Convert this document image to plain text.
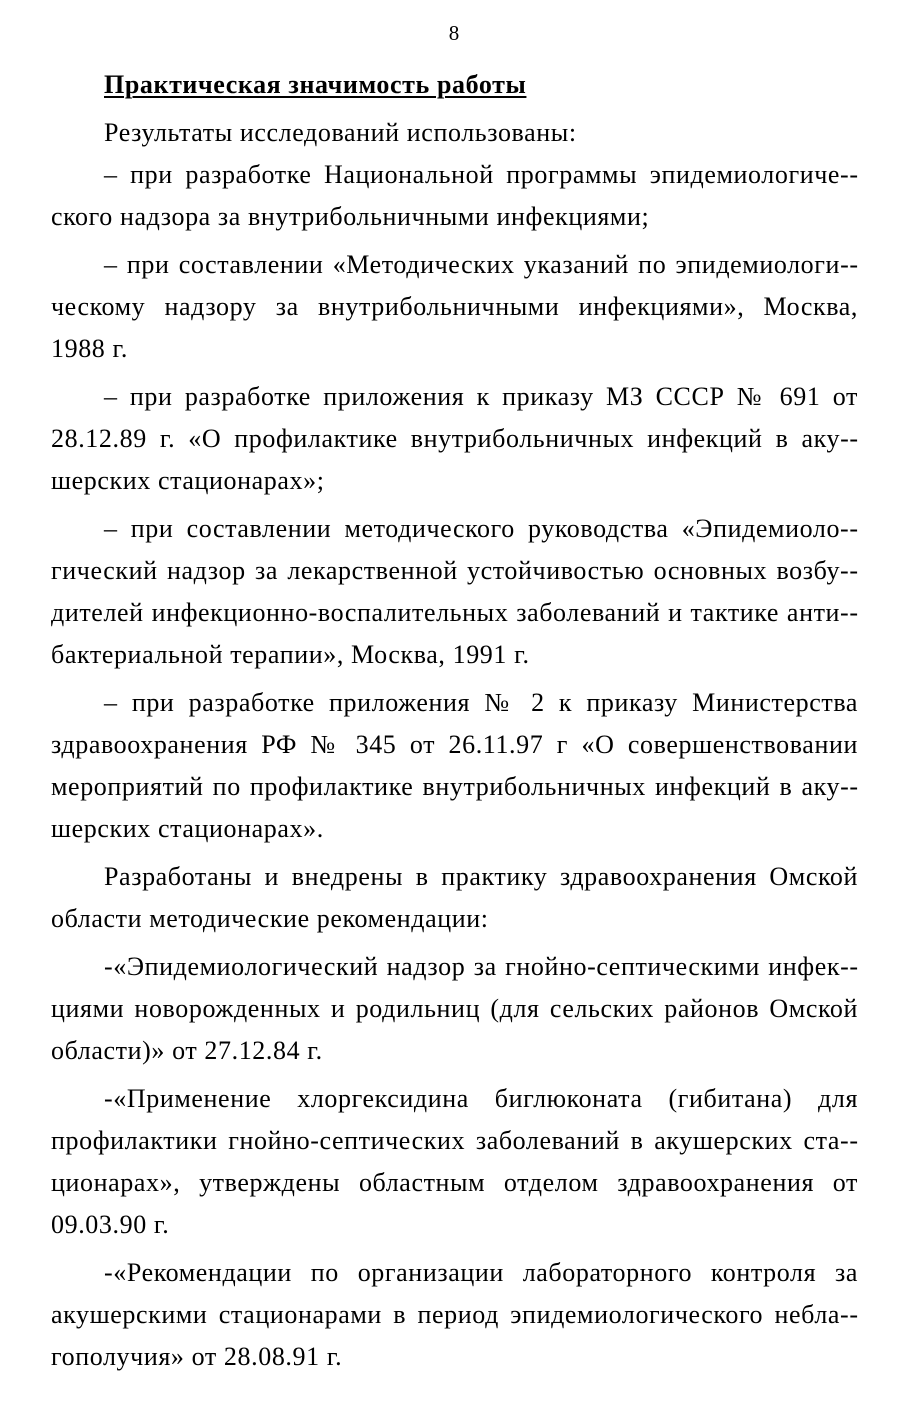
8
Практическая значимость работы

Результаты исследований использованы:

– при разработке Национальной программы эпидемиологиче-ского надзора за внутрибольничными инфекциями;

– при составлении «Методических указаний по эпидемиологи-ческому надзору за внутрибольничными инфекциями», Москва, 1988 г.

– при разработке приложения к приказу МЗ СССР № 691 от 28.12.89 г. «О профилактике внутрибольничных инфекций в аку-шерских стационарах»;

– при составлении методического руководства «Эпидемиоло-гический надзор за лекарственной устойчивостью основных возбу-дителей инфекционно-воспалительных заболеваний и тактике анти-бактериальной терапии», Москва, 1991 г.

– при разработке приложения № 2 к приказу Министерства здравоохранения РФ № 345 от 26.11.97 г «О совершенствовании мероприятий по профилактике внутрибольничных инфекций в аку-шерских стационарах».

Разработаны и внедрены в практику здравоохранения Омской области методические рекомендации:

-«Эпидемиологический надзор за гнойно-септическими инфек-циями новорожденных и родильниц (для сельских районов Омской области)» от 27.12.84 г.

-«Применение хлоргексидина биглюконата (гибитана) для профилактики гнойно-септических заболеваний в акушерских ста-ционарах», утверждены областным отделом здравоохранения от 09.03.90 г.

-«Рекомендации по организации лабораторного контроля за акушерскими стационарами в период эпидемиологического небла-гополучия» от 28.08.91 г.
